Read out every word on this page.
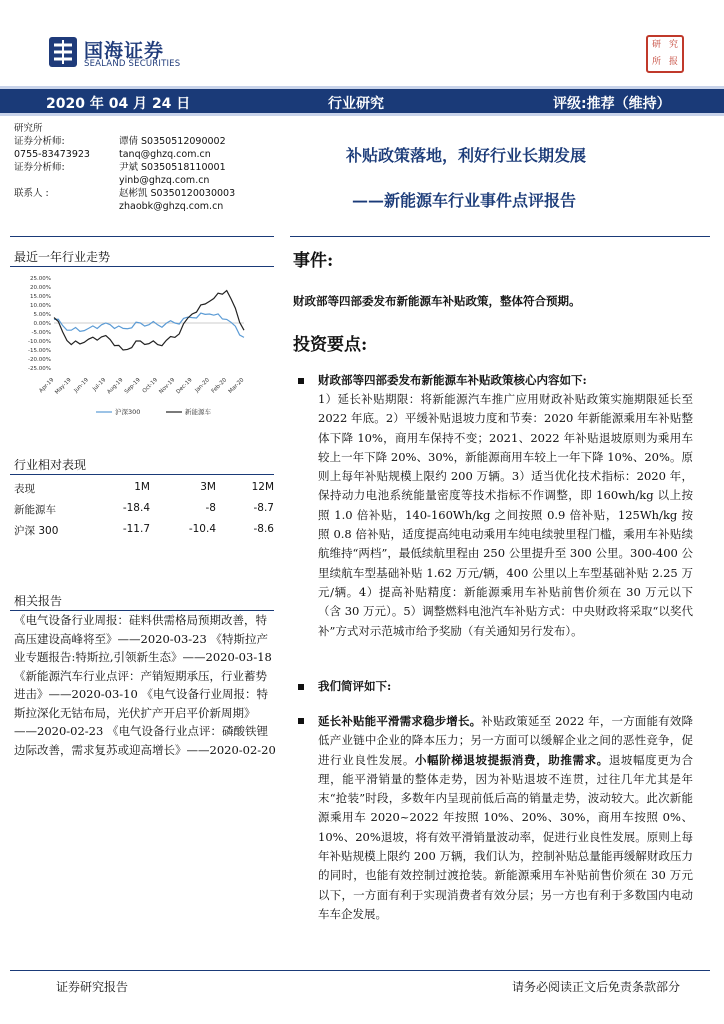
国海证券
SEALAND SECURITIES
研 究
所 报
2020 年 04 月 24 日	行业研究	评级:推荐（维持）
研究所
证券分析师:	谭倩 S0350512090002
0755-83473923	tanq@ghzq.com.cn
证券分析师:	尹斌 S0350518110001
yinb@ghzq.com.cn
联系人 :	赵彬凯 S0350120030003
zhaobk@ghzq.com.cn
补贴政策落地，利好行业长期发展
——新能源车行业事件点评报告
最近一年行业走势
25.00%
20.00%
15.00%
10.00%
5.00%
0.00%
-5.00%
-10.00%
-15.00%
-20.00%
-25.00%
Apr-19
May-19 Jun-19 Jul-19 Aug-19 Sep-19 Oct-19 Nov-19 Dec-19 Jan-20 Feb-20 Mar-20
沪深300	新能源车
行业相对表现
表现	1M	3M	12M
新能源车	-18.4	-8	-8.7
沪深 300	-11.7	-10.4	-8.6
相关报告
《电气设备行业周报：硅料供需格局预期改善，特高压建设高峰将至》——2020-03-23 《特斯拉产业专题报告:特斯拉,引领新生态》——2020-03-18 《新能源汽车行业点评：产销短期承压，行业蓄势进击》——2020-03-10 《电气设备行业周报：特斯拉深化无钴布局，光伏扩产开启平价新周期》——2020-02-23 《电气设备行业点评：磷酸铁锂边际改善，需求复苏或迎高增长》——2020-02-20
事件:
财政部等四部委发布新能源车补贴政策，整体符合预期。
投资要点:
财政部等四部委发布新能源车补贴政策核心内容如下:
1）延长补贴期限：将新能源汽车推广应用财政补贴政策实施期限延长至 2022 年底。2）平缓补贴退坡力度和节奏：2020 年新能源乘用车补贴整体下降 10%，商用车保持不变；2021、2022 年补贴退坡原则为乘用车较上一年下降 20%、30%，新能源商用车较上一年下降 10%、20%。原则上每年补贴规模上限约 200 万辆。3）适当优化技术指标：2020 年，保持动力电池系统能量密度等技术指标不作调整，即 160wh/kg 以上按照 1.0 倍补贴，140-160Wh/kg 之间按照 0.9 倍补贴，125Wh/kg 按照 0.8 倍补贴，适度提高纯电动乘用车纯电续驶里程门槛，乘用车补贴续航维持“两档”，最低续航里程由 250 公里提升至 300 公里。300-400 公里续航车型基础补贴 1.62 万元/辆，400 公里以上车型基础补贴 2.25 万元/辆。4）提高补贴精度：新能源乘用车补贴前售价须在 30 万元以下（含 30 万元）。5）调整燃料电池汽车补贴方式：中央财政将采取“以奖代补”方式对示范城市给予奖励（有关通知另行发布）。
我们简评如下:
延长补贴能平滑需求稳步增长。补贴政策延至 2022 年，一方面能有效降低产业链中企业的降本压力；另一方面可以缓解企业之间的恶性竞争，促进行业良性发展。小幅阶梯退坡提振消费，助推需求。退坡幅度更为合理，能平滑销量的整体走势，因为补贴退坡不连贯，过往几年尤其是年末“抢装”时段，多数年内呈现前低后高的销量走势，波动较大。此次新能源乘用车 2020~2022 年按照 10%、20%、30%，商用车按照 0%、10%、20%退坡，将有效平滑销量波动率，促进行业良性发展。原则上每年补贴规模上限约 200 万辆，我们认为，控制补贴总量能再缓解财政压力的同时，也能有效控制过渡抢装。新能源乘用车补贴前售价须在 30 万元以下，一方面有利于实现消费者有效分层；另一方也有利于多数国内电动车车企发展。
证券研究报告	请务必阅读正文后免责条款部分
